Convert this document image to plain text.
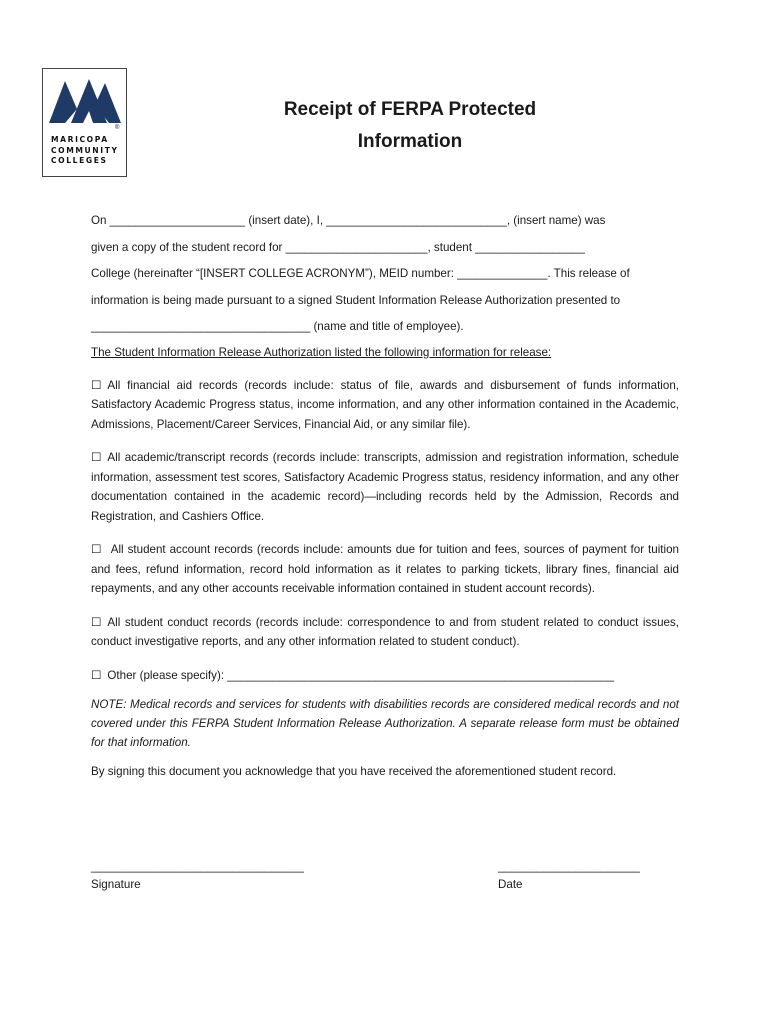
®
MARICOPA
COMMUNITY
COLLEGES
Receipt of FERPA Protected
Information
On _____________________ (insert date), I, ____________________________, (insert name) was
given a copy of the student record for ______________________, student _________________
College (hereinafter “[INSERT COLLEGE ACRONYM”), MEID number: ______________. This release of
information is being made pursuant to a signed Student Information Release Authorization presented to
__________________________________ (name and title of employee).
The Student Information Release Authorization listed the following information for release:
☐ All financial aid records (records include: status of file, awards and disbursement of funds information, Satisfactory Academic Progress status, income information, and any other information contained in the Academic, Admissions, Placement/Career Services, Financial Aid, or any similar file).
☐ All academic/transcript records (records include: transcripts, admission and registration information, schedule information, assessment test scores, Satisfactory Academic Progress status, residency information, and any other documentation contained in the academic record)—including records held by the Admission, Records and Registration, and Cashiers Office.
☐ All student account records (records include: amounts due for tuition and fees, sources of payment for tuition and fees, refund information, record hold information as it relates to parking tickets, library fines, financial aid repayments, and any other accounts receivable information contained in student account records).
☐ All student conduct records (records include: correspondence to and from student related to conduct issues, conduct investigative reports, and any other information related to student conduct).
☐ Other (please specify): ____________________________________________________________
NOTE: Medical records and services for students with disabilities records are considered medical records and not covered under this FERPA Student Information Release Authorization. A separate release form must be obtained for that information.
By signing this document you acknowledge that you have received the aforementioned student record.
_________________________________
Signature
______________________
Date
